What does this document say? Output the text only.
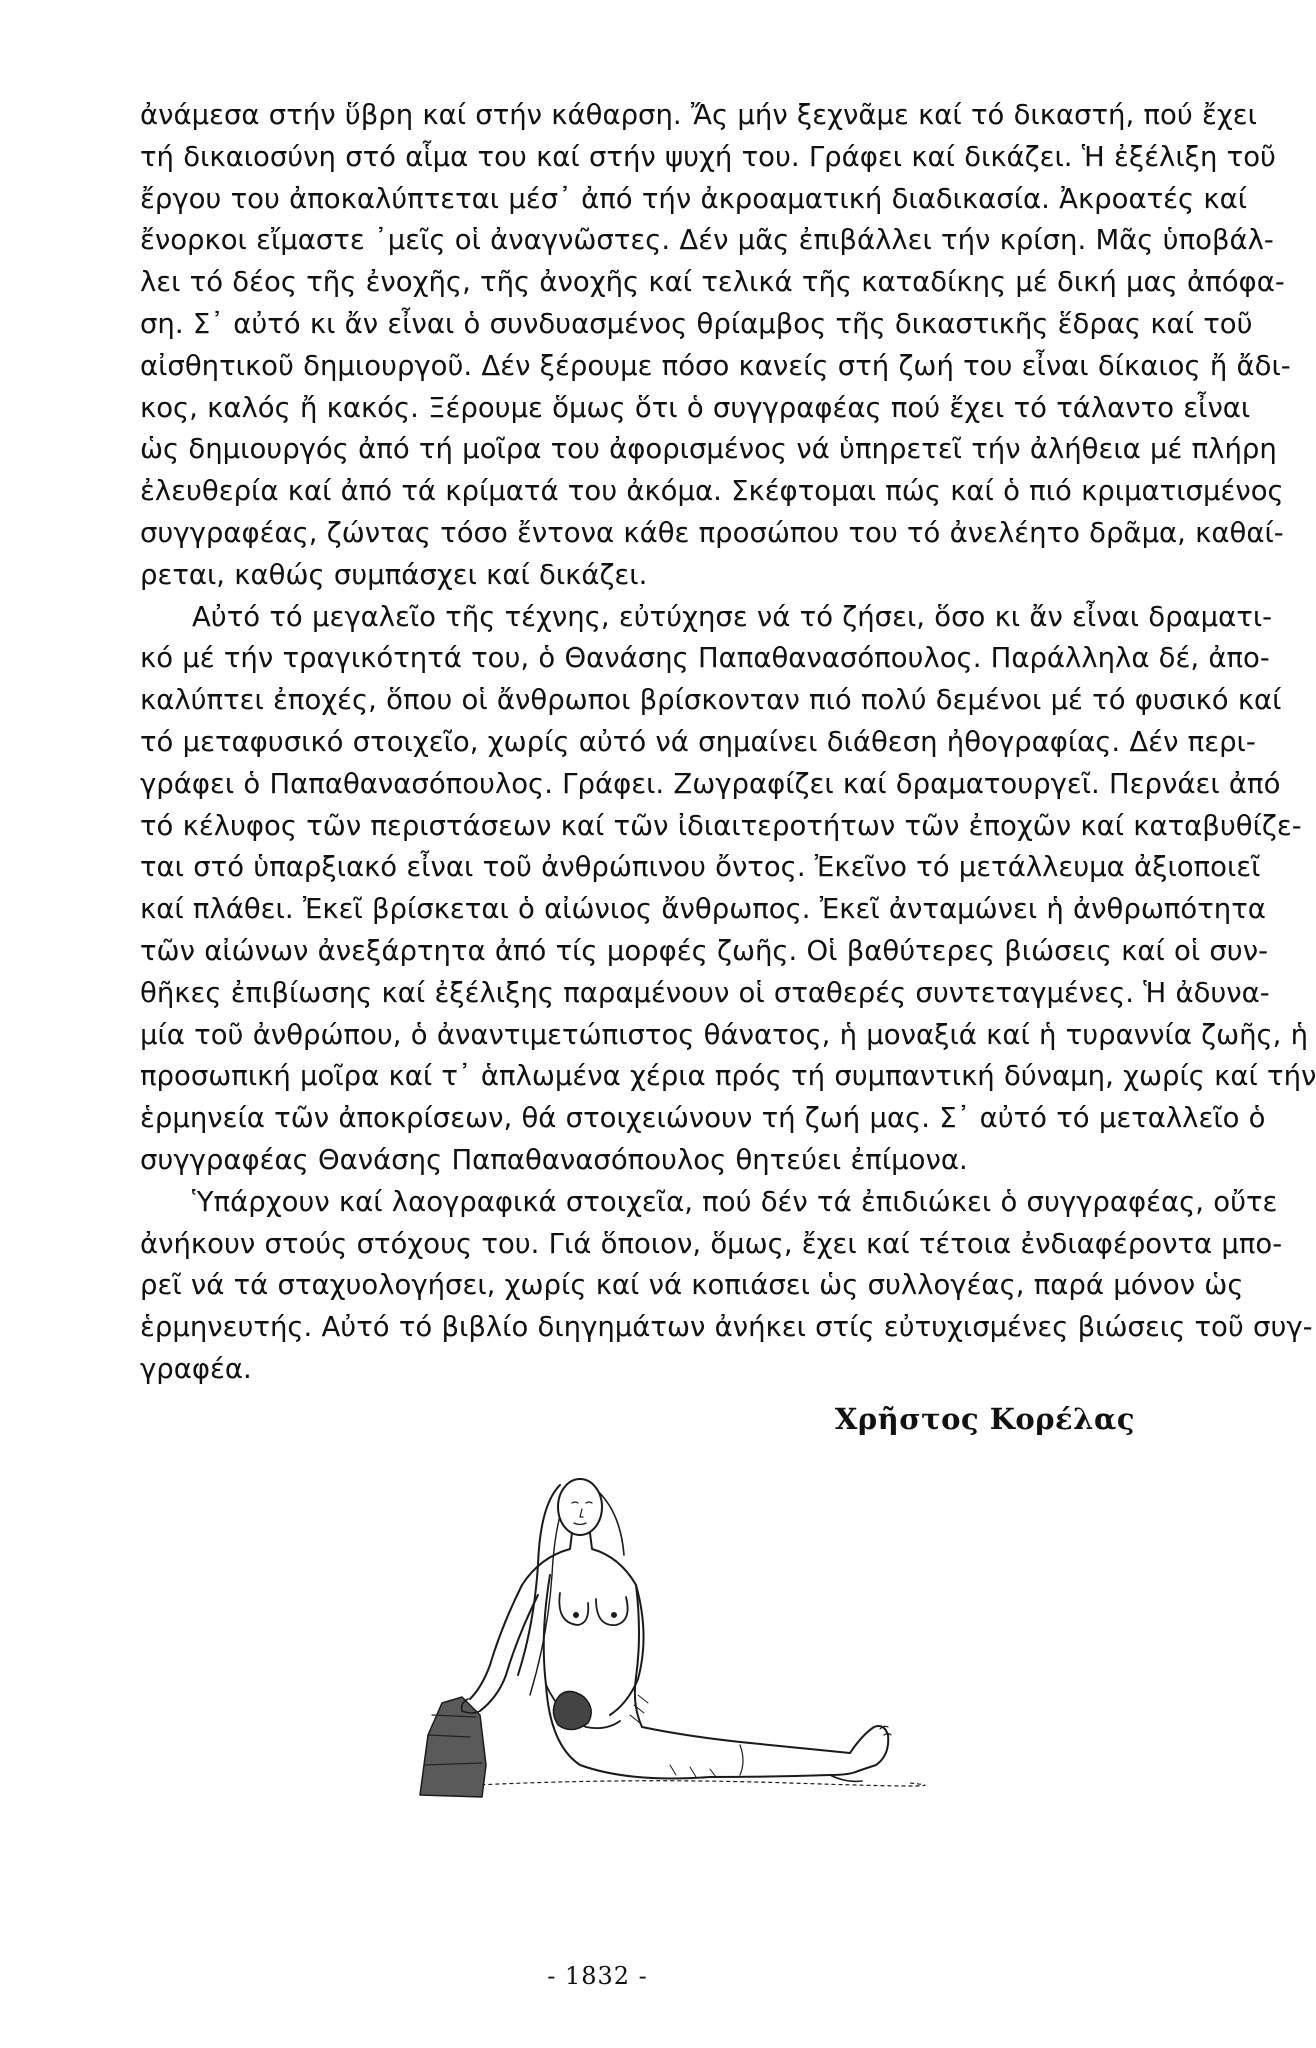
ἀνάμεσα στήν ὕβρη καί στήν κάθαρση. Ἄς μήν ξεχνᾶμε καί τό δικαστή, πού ἔχει
τή δικαιοσύνη στό αἷμα του καί στήν ψυχή του. Γράφει καί δικάζει. Ἡ ἐξέλιξη τοῦ
ἔργου του ἀποκαλύπτεται μέσ᾽ ἀπό τήν ἀκροαματική διαδικασία. Ἀκροατές καί
ἔνορκοι εἴμαστε ᾿μεῖς οἱ ἀναγνῶστες. Δέν μᾶς ἐπιβάλλει τήν κρίση. Μᾶς ὑποβάλ-
λει τό δέος τῆς ἐνοχῆς, τῆς ἀνοχῆς καί τελικά τῆς καταδίκης μέ δική μας ἀπόφα-
ση. Σ᾽ αὐτό κι ἄν εἶναι ὁ συνδυασμένος θρίαμβος τῆς δικαστικῆς ἕδρας καί τοῦ
αἰσθητικοῦ δημιουργοῦ. Δέν ξέρουμε πόσο κανείς στή ζωή του εἶναι δίκαιος ἤ ἄδι-
κος, καλός ἤ κακός. Ξέρουμε ὅμως ὅτι ὁ συγγραφέας πού ἔχει τό τάλαντο εἶναι
ὡς δημιουργός ἀπό τή μοῖρα του ἀφορισμένος νά ὑπηρετεῖ τήν ἀλήθεια μέ πλήρη
ἐλευθερία καί ἀπό τά κρίματά του ἀκόμα. Σκέφτομαι πώς καί ὁ πιό κριματισμένος
συγγραφέας, ζώντας τόσο ἔντονα κάθε προσώπου του τό ἀνελέητο δρᾶμα, καθαί-
ρεται, καθώς συμπάσχει καί δικάζει.

Αὐτό τό μεγαλεῖο τῆς τέχνης, εὐτύχησε νά τό ζήσει, ὅσο κι ἄν εἶναι δραματι-
κό μέ τήν τραγικότητά του, ὁ Θανάσης Παπαθανασόπουλος. Παράλληλα δέ, ἀπο-
καλύπτει ἐποχές, ὅπου οἱ ἄνθρωποι βρίσκονταν πιό πολύ δεμένοι μέ τό φυσικό καί
τό μεταφυσικό στοιχεῖο, χωρίς αὐτό νά σημαίνει διάθεση ἠθογραφίας. Δέν περι-
γράφει ὁ Παπαθανασόπουλος. Γράφει. Ζωγραφίζει καί δραματουργεῖ. Περνάει ἀπό
τό κέλυφος τῶν περιστάσεων καί τῶν ἰδιαιτεροτήτων τῶν ἐποχῶν καί καταβυθίζε-
ται στό ὑπαρξιακό εἶναι τοῦ ἀνθρώπινου ὄντος. Ἐκεῖνο τό μετάλλευμα ἀξιοποιεῖ
καί πλάθει. Ἐκεῖ βρίσκεται ὁ αἰώνιος ἄνθρωπος. Ἐκεῖ ἀνταμώνει ἡ ἀνθρωπότητα
τῶν αἰώνων ἀνεξάρτητα ἀπό τίς μορφές ζωῆς. Οἱ βαθύτερες βιώσεις καί οἱ συν-
θῆκες ἐπιβίωσης καί ἐξέλιξης παραμένουν οἱ σταθερές συντεταγμένες. Ἡ ἀδυνα-
μία τοῦ ἀνθρώπου, ὁ ἀναντιμετώπιστος θάνατος, ἡ μοναξιά καί ἡ τυραννία ζωῆς, ἡ
προσωπική μοῖρα καί τ᾽ ἁπλωμένα χέρια πρός τή συμπαντική δύναμη, χωρίς καί τήν
ἑρμηνεία τῶν ἀποκρίσεων, θά στοιχειώνουν τή ζωή μας. Σ᾽ αὐτό τό μεταλλεῖο ὁ
συγγραφέας Θανάσης Παπαθανασόπουλος θητεύει ἐπίμονα.

Ὑπάρχουν καί λαογραφικά στοιχεῖα, πού δέν τά ἐπιδιώκει ὁ συγγραφέας, οὔτε
ἀνήκουν στούς στόχους του. Γιά ὅποιον, ὅμως, ἔχει καί τέτοια ἐνδιαφέροντα μπο-
ρεῖ νά τά σταχυολογήσει, χωρίς καί νά κοπιάσει ὡς συλλογέας, παρά μόνον ὡς
ἑρμηνευτής. Αὐτό τό βιβλίο διηγημάτων ἀνήκει στίς εὐτυχισμένες βιώσεις τοῦ συγ-
γραφέα.

Χρῆστος Κορέλας
- 1832 -
